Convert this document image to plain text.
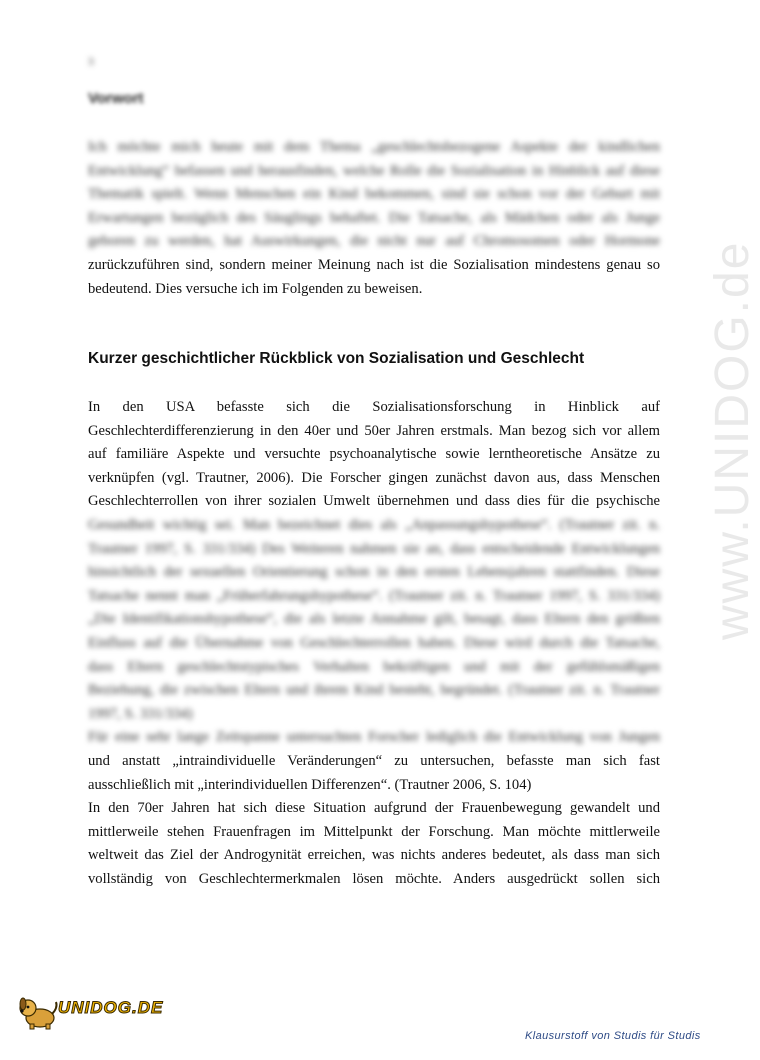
3
Vorwort
www.UNIDOG.de
Ich möchte mich heute mit dem Thema „geschlechtsbezogene Aspekte der kindlichen
Entwicklung“ befassen und herausfinden, welche Rolle die Sozialisation in Hinblick auf diese
Thematik spielt. Wenn Menschen ein Kind bekommen, sind sie schon vor der Geburt mit
Erwartungen bezüglich des Säuglings behaftet. Die Tatsache, als Mädchen oder als Junge
geboren zu werden, hat Auswirkungen, die nicht nur auf Chromosomen oder Hormone
zurückzuführen sind, sondern meiner Meinung nach ist die Sozialisation mindestens genau so
bedeutend. Dies versuche ich im Folgenden zu beweisen.
Kurzer geschichtlicher Rückblick von Sozialisation und Geschlecht
In den USA befasste sich die Sozialisationsforschung in Hinblick auf
Geschlechterdifferenzierung in den 40er und 50er Jahren erstmals. Man bezog sich vor allem
auf familiäre Aspekte und versuchte psychoanalytische sowie lerntheoretische Ansätze zu
verknüpfen (vgl. Trautner, 2006). Die Forscher gingen zunächst davon aus, dass Menschen
Geschlechterrollen von ihrer sozialen Umwelt übernehmen und dass dies für die psychische
Gesundheit wichtig sei. Man bezeichnet dies als „Anpassungshypothese“. (Trautner zit. n.
Trautner 1997, S. 331/334) Des Weiteren nahmen sie an, dass entscheidende Entwicklungen
hinsichtlich der sexuellen Orientierung schon in den ersten Lebensjahren stattfinden. Diese
Tatsache nennt man „Früherfahrungshypothese“. (Trautner zit. n. Trautner 1997, S. 331/334)
„Die Identifikationshypothese“, die als letzte Annahme gilt, besagt, dass Eltern den größten
Einfluss auf die Übernahme von Geschlechterrollen haben. Diese wird durch die Tatsache,
dass Eltern geschlechtstypisches Verhalten bekräftigen und mit der gefühlsmäßigen
Beziehung, die zwischen Eltern und ihrem Kind besteht, begründet. (Trautner zit. n. Trautner
1997, S. 331/334)
Für eine sehr lange Zeitspanne untersuchten Forscher lediglich die Entwicklung von Jungen
und anstatt „intraindividuelle Veränderungen“ zu untersuchen, befasste man sich fast
ausschließlich mit „interindividuellen Differenzen“. (Trautner 2006, S. 104)
In den 70er Jahren hat sich diese Situation aufgrund der Frauenbewegung gewandelt und
mittlerweile stehen Frauenfragen im Mittelpunkt der Forschung. Man möchte mittlerweile
weltweit das Ziel der Androgynität erreichen, was nichts anderes bedeutet, als dass man sich
vollständig von Geschlechtermerkmalen lösen möchte. Anders ausgedrückt sollen sich
UNIDOG.DE
Klausurstoff von Studis für Studis
